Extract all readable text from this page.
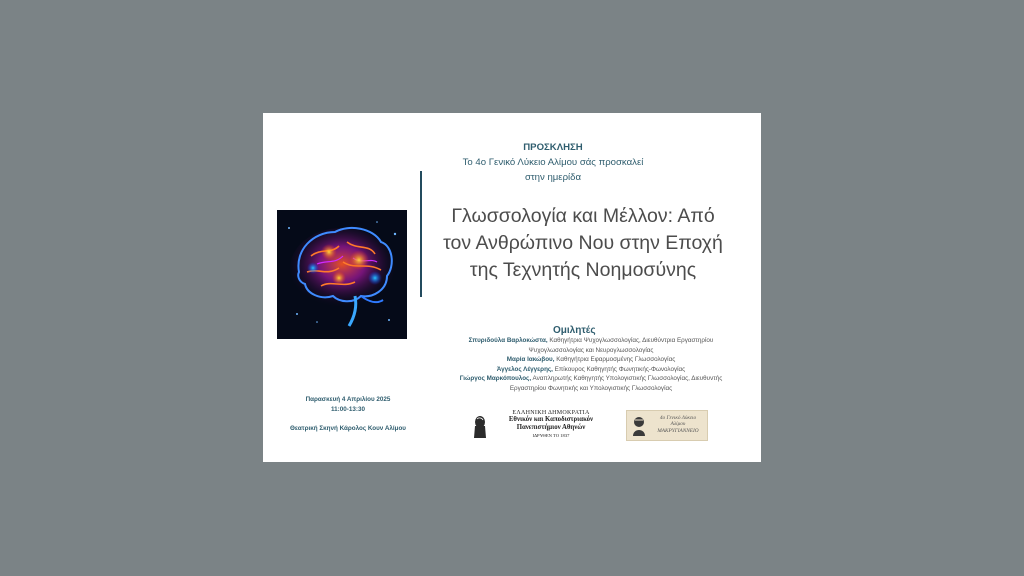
ΠΡΟΣΚΛΗΣΗ
Το 4ο Γενικό Λύκειο Αλίμου σάς προσκαλεί
στην ημερίδα
Γλωσσολογία και Μέλλον: Από τον Ανθρώπινο Νου στην Εποχή της Τεχνητής Νοημοσύνης
Ομιλητές
Σπυριδούλα Βαρλοκώστα, Καθηγήτρια Ψυχογλωσσολογίας, Διευθύντρια Εργαστηρίου Ψυχογλωσσολογίας και Νευρογλωσσολογίας
Μαρία Ιακώβου, Καθηγήτρια Εφαρμοσμένης Γλωσσολογίας
Άγγελος Λέγγερης, Επίκουρος Καθηγητής Φωνητικής-Φωνολογίας
Γιώργος Μαρκόπουλος, Αναπληρωτής Καθηγητής Υπολογιστικής Γλωσσολογίας, Διευθυντής Εργαστηρίου Φωνητικής και Υπολογιστικής Γλωσσολογίας
Παρασκευή 4 Απριλίου 2025
11:00-13:30
Θεατρική Σκηνή Κάρολος Κουν Αλίμου
ΕΛΛΗΝΙΚΗ ΔΗΜΟΚΡΑΤΙΑ
Εθνικόν και Καποδιστριακόν
Πανεπιστήμιον Αθηνών
ΙΔΡΥΘΕΝ ΤΟ 1837
4ο Γενικό Λύκειο
Αλίμου
ΜΑΚΡΥΓΙΑΝΝΕΙΟ
